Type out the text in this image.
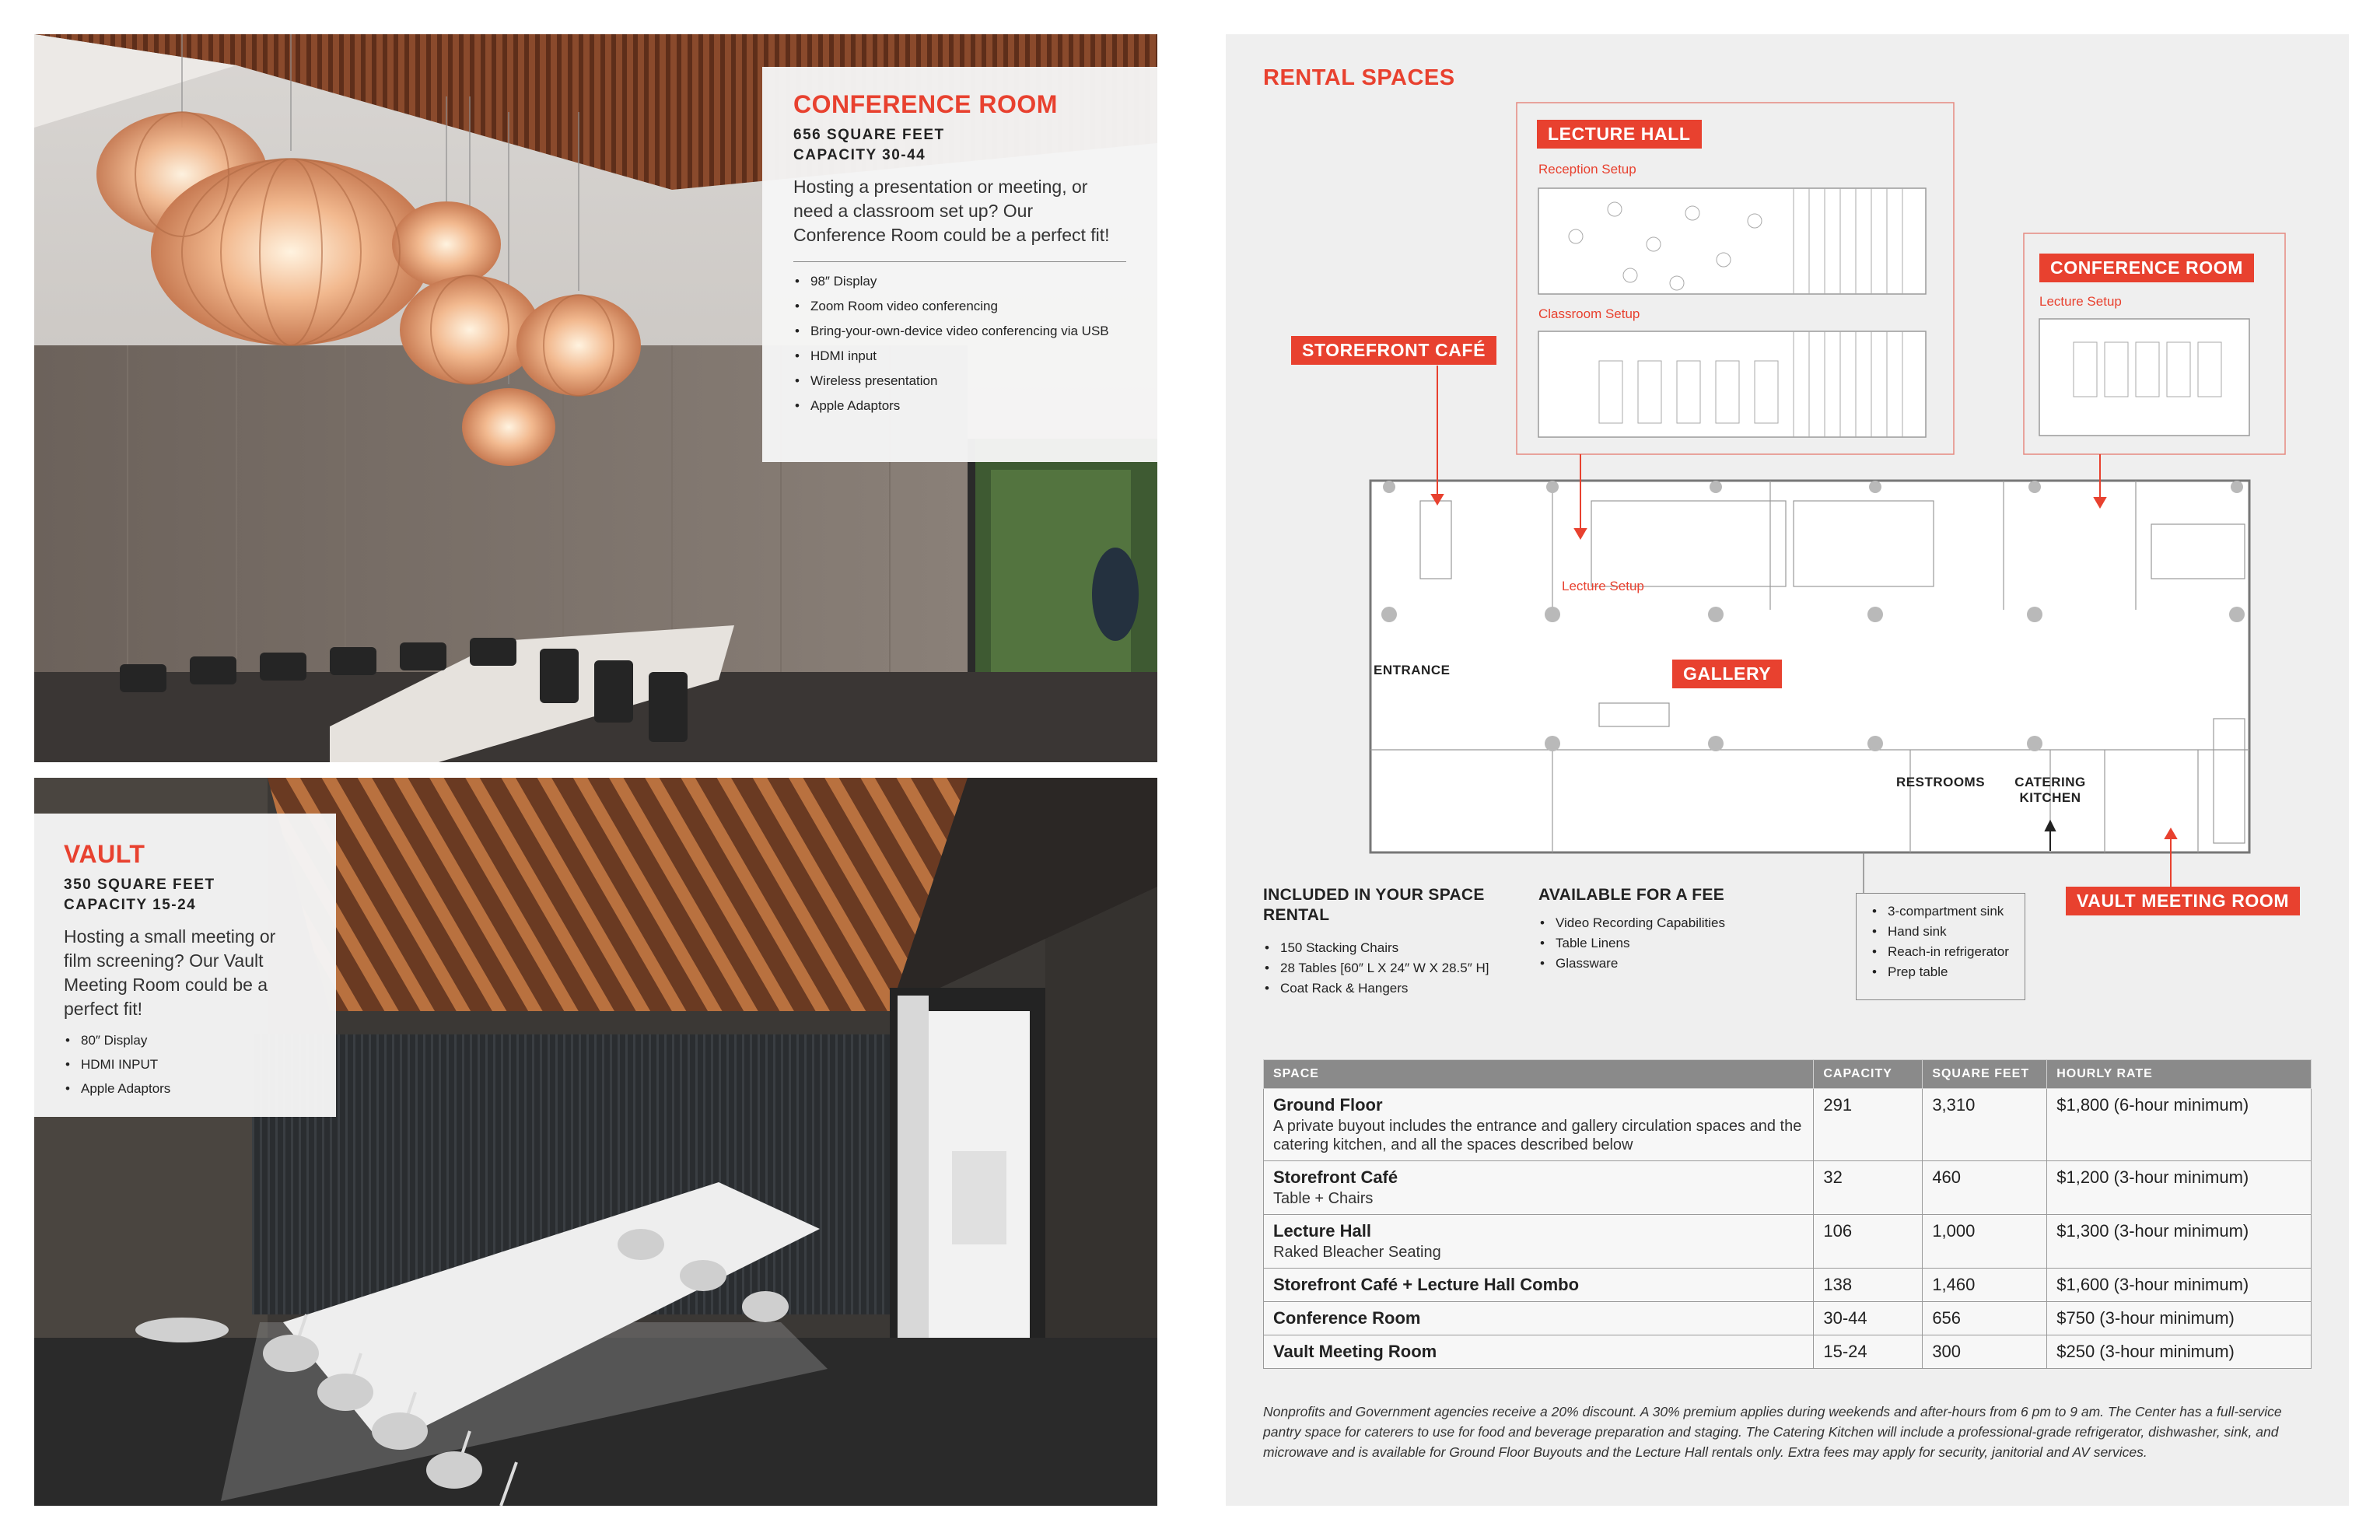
CONFERENCE ROOM
656 SQUARE FEET
CAPACITY 30-44
Hosting a presentation or meeting, or need a classroom set up? Our Conference Room could be a perfect fit!
• 98″ Display
• Zoom Room video conferencing
• Bring-your-own-device video conferencing via USB
• HDMI input
• Wireless presentation
• Apple Adaptors
VAULT
350 SQUARE FEET
CAPACITY 15-24
Hosting a small meeting or film screening? Our Vault Meeting Room could be a perfect fit!
• 80″ Display
• HDMI INPUT
• Apple Adaptors
RENTAL SPACES
LECTURE HALL
Reception Setup
Classroom Setup
CONFERENCE ROOM
Lecture Setup
STOREFRONT CAFÉ
Lecture Setup
ENTRANCE	GALLERY
RESTROOMS CATERING KITCHEN
VAULT MEETING ROOM
INCLUDED IN YOUR SPACE RENTAL
• 150 Stacking Chairs
• 28 Tables [60″ L X 24″ W X 28.5″ H]
• Coat Rack & Hangers
AVAILABLE FOR A FEE
• Video Recording Capabilities
• Table Linens
• Glassware
• 3-compartment sink
• Hand sink
• Reach-in refrigerator
• Prep table
SPACE	CAPACITY	SQUARE FEET	HOURLY RATE

Ground Floor
A private buyout includes the entrance and gallery circulation spaces and the catering kitchen, and all the spaces described below	291	3,310	$1,800 (6-hour minimum)

Storefront Café
Table + Chairs	32	460	$1,200 (3-hour minimum)

Lecture Hall
Raked Bleacher Seating	106	1,000	$1,300 (3-hour minimum)

Storefront Café + Lecture Hall Combo	138	1,460	$1,600 (3-hour minimum)

Conference Room	30-44	656	$750 (3-hour minimum)

Vault Meeting Room	15-24	300	$250 (3-hour minimum)
Nonprofits and Government agencies receive a 20% discount. A 30% premium applies during weekends and after-hours from 6 pm to 9 am. The Center has a full-service pantry space for caterers to use for food and beverage preparation and staging. The Catering Kitchen will include a professional-grade refrigerator, dishwasher, sink, and microwave and is available for Ground Floor Buyouts and the Lecture Hall rentals only. Extra fees may apply for security, janitorial and AV services.
